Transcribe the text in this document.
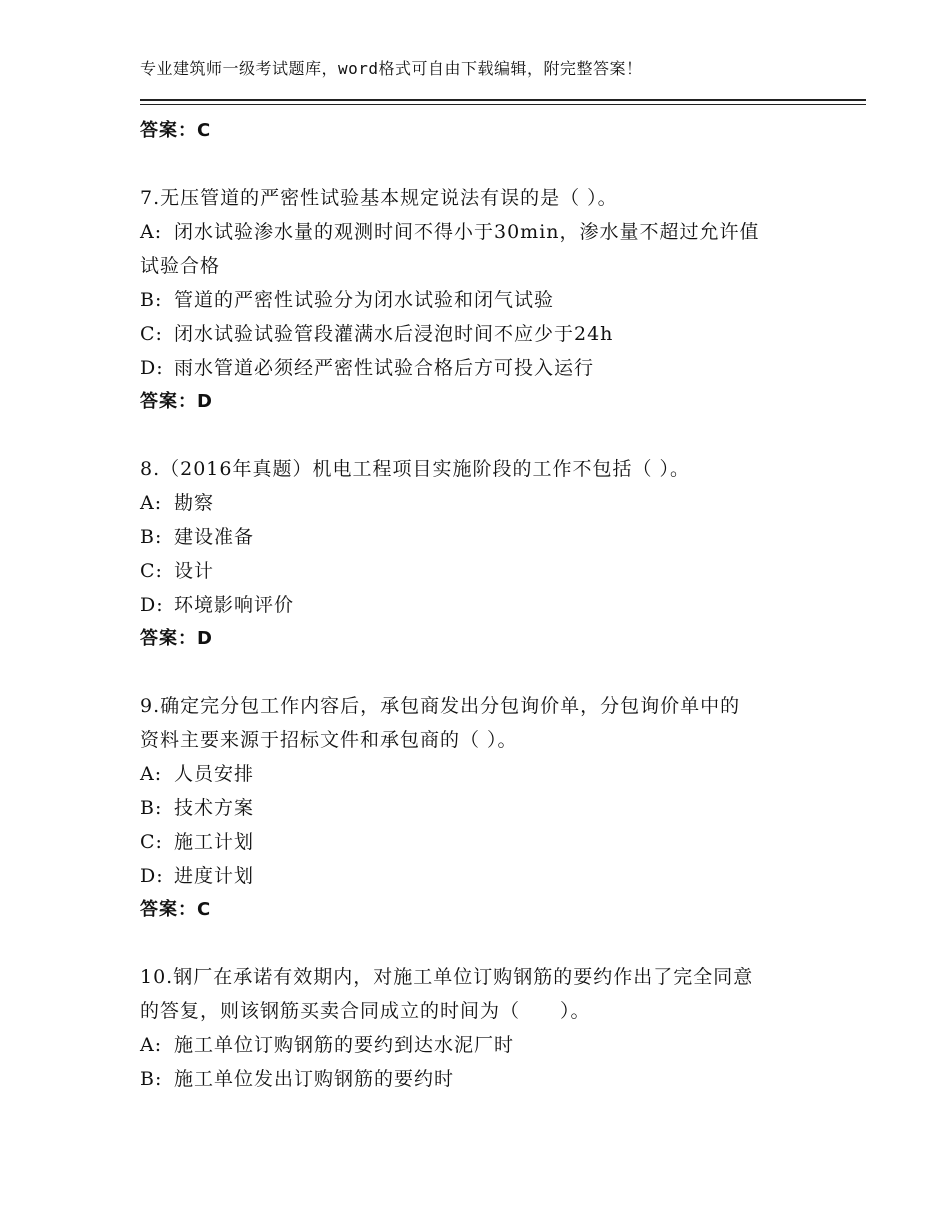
专业建筑师一级考试题库，word格式可自由下载编辑，附完整答案！
答案：C
7.无压管道的严密性试验基本规定说法有误的是（ ）。
A: 闭水试验渗水量的观测时间不得小于30min，渗水量不超过允许值
试验合格
B: 管道的严密性试验分为闭水试验和闭气试验
C: 闭水试验试验管段灌满水后浸泡时间不应少于24h
D: 雨水管道必须经严密性试验合格后方可投入运行
答案：D
8.（2016年真题）机电工程项目实施阶段的工作不包括（ ）。
A: 勘察
B: 建设准备
C: 设计
D: 环境影响评价
答案：D
9.确定完分包工作内容后，承包商发出分包询价单，分包询价单中的
资料主要来源于招标文件和承包商的（ ）。
A: 人员安排
B: 技术方案
C: 施工计划
D: 进度计划
答案：C
10.钢厂在承诺有效期内，对施工单位订购钢筋的要约作出了完全同意
的答复，则该钢筋买卖合同成立的时间为（　　）。
A: 施工单位订购钢筋的要约到达水泥厂时
B: 施工单位发出订购钢筋的要约时
